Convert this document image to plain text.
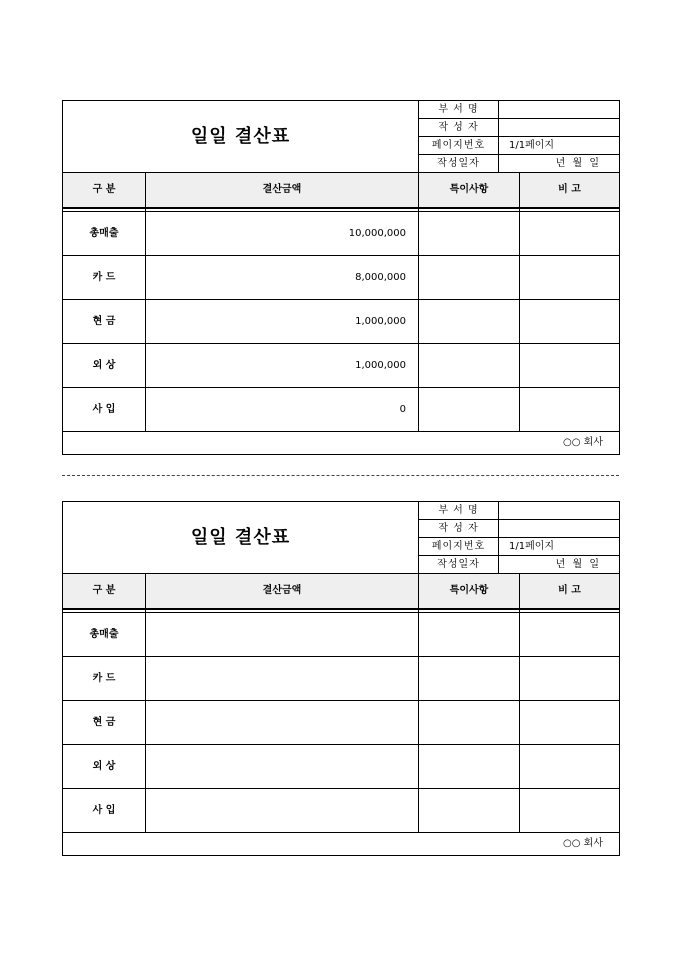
일일 결산표		부 서 명		
		작 성 자		
		페이지번호	1/1페이지	
		작성일자	년 월 일	
구 분	결산금액	특이사항		비 고

총매출	10,000,000			
카 드	8,000,000			
현 금	1,000,000			
외 상	1,000,000			
사 입	0			
○○ 회사				
일일 결산표		부 서 명		
		작 성 자		
		페이지번호	1/1페이지	
		작성일자	년 월 일	
구 분	결산금액	특이사항		비 고

총매출				
카 드				
현 금				
외 상				
사 입				
○○ 회사				
